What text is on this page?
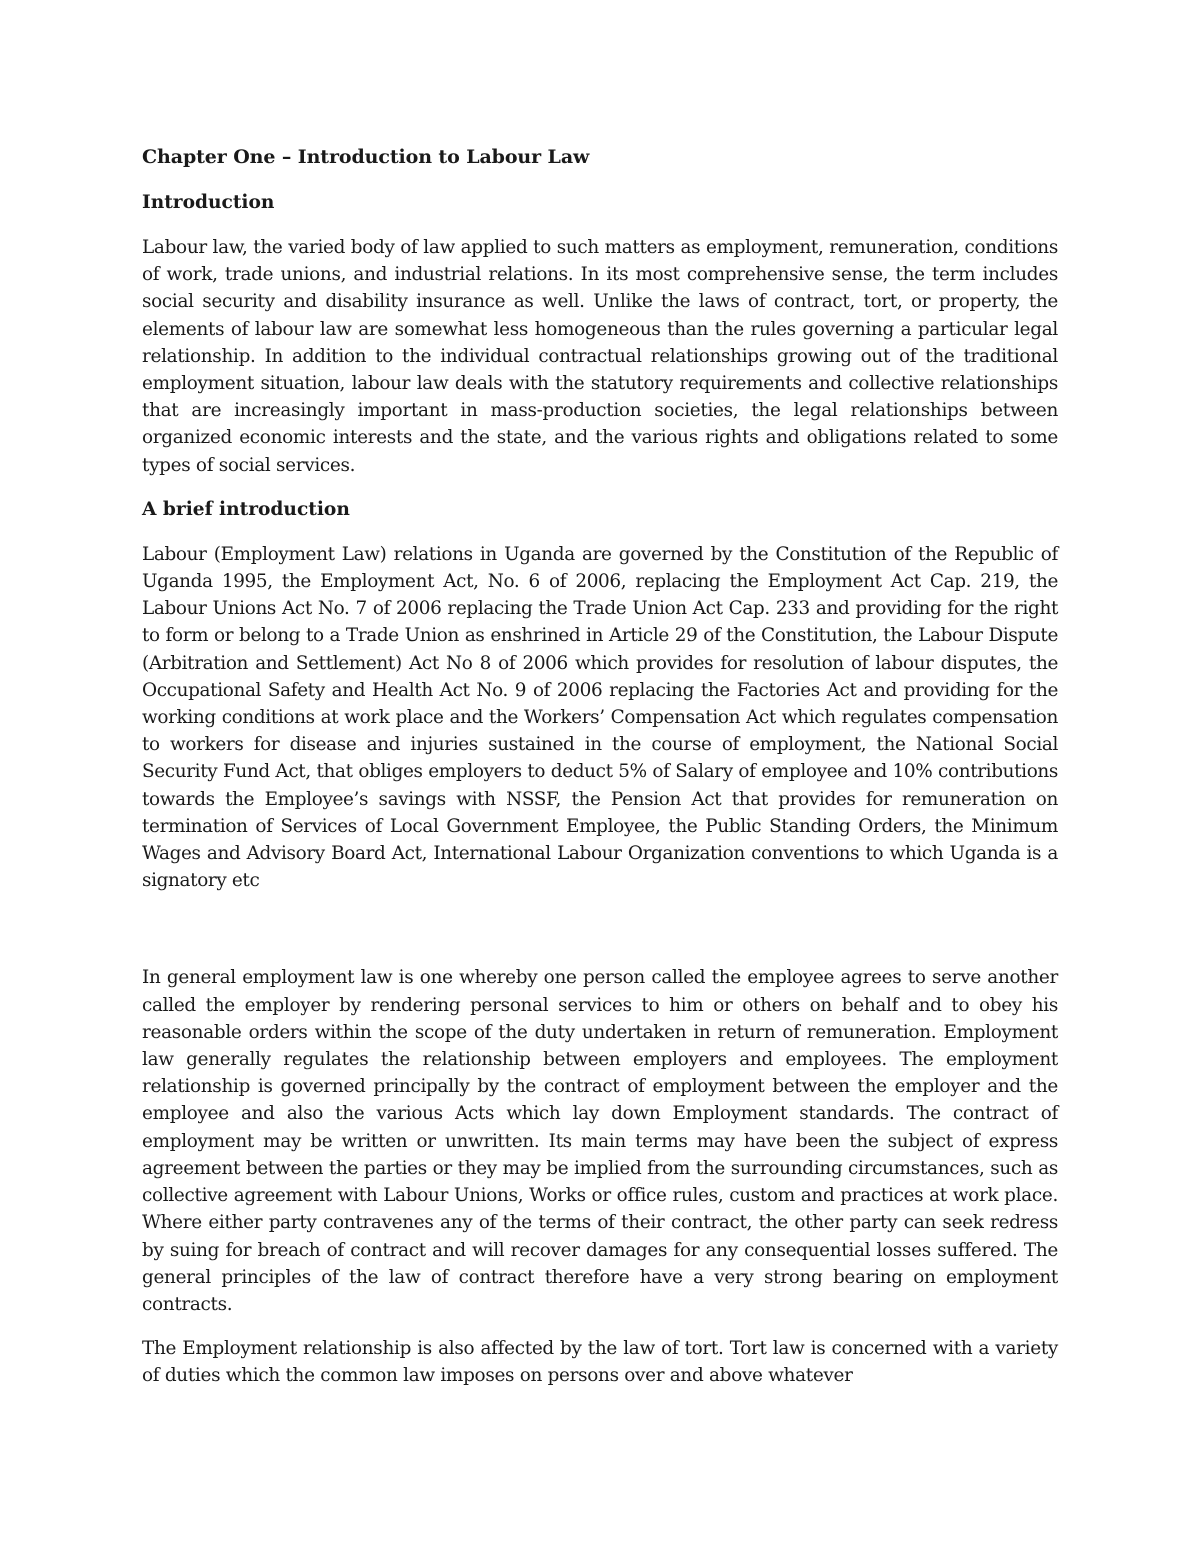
Chapter One – Introduction to Labour Law
Introduction

Labour law, the varied body of law applied to such matters as employment, remuneration, conditions of work, trade unions, and industrial relations. In its most comprehensive sense, the term includes social security and disability insurance as well. Unlike the laws of contract, tort, or property, the elements of labour law are somewhat less homogeneous than the rules governing a particular legal relationship. In addition to the individual contractual relationships growing out of the traditional employment situation, labour law deals with the statutory requirements and collective relationships that are increasingly important in mass-production societies, the legal relationships between organized economic interests and the state, and the various rights and obligations related to some types of social services.

A brief introduction

Labour (Employment Law) relations in Uganda are governed by the Constitution of the Republic of Uganda 1995, the Employment Act, No. 6 of 2006, replacing the Employment Act Cap. 219, the Labour Unions Act No. 7 of 2006 replacing the Trade Union Act Cap. 233 and providing for the right to form or belong to a Trade Union as enshrined in Article 29 of the Constitution, the Labour Dispute (Arbitration and Settlement) Act No 8 of 2006 which provides for resolution of labour disputes, the Occupational Safety and Health Act No. 9 of 2006 replacing the Factories Act and providing for the working conditions at work place and the Workers’ Compensation Act which regulates compensation to workers for disease and injuries sustained in the course of employment, the National Social Security Fund Act, that obliges employers to deduct 5% of Salary of employee and 10% contributions towards the Employee’s savings with NSSF, the Pension Act that provides for remuneration on termination of Services of Local Government Employee, the Public Standing Orders, the Minimum Wages and Advisory Board Act, International Labour Organization conventions to which Uganda is a signatory etc

In general employment law is one whereby one person called the employee agrees to serve another called the employer by rendering personal services to him or others on behalf and to obey his reasonable orders within the scope of the duty undertaken in return of remuneration. Employment law generally regulates the relationship between employers and employees. The employment relationship is governed principally by the contract of employment between the employer and the employee and also the various Acts which lay down Employment standards. The contract of employment may be written or unwritten. Its main terms may have been the subject of express agreement between the parties or they may be implied from the surrounding circumstances, such as collective agreement with Labour Unions, Works or office rules, custom and practices at work place. Where either party contravenes any of the terms of their contract, the other party can seek redress by suing for breach of contract and will recover damages for any consequential losses suffered. The general principles of the law of contract therefore have a very strong bearing on employment contracts.

The Employment relationship is also affected by the law of tort. Tort law is concerned with a variety of duties which the common law imposes on persons over and above whatever
